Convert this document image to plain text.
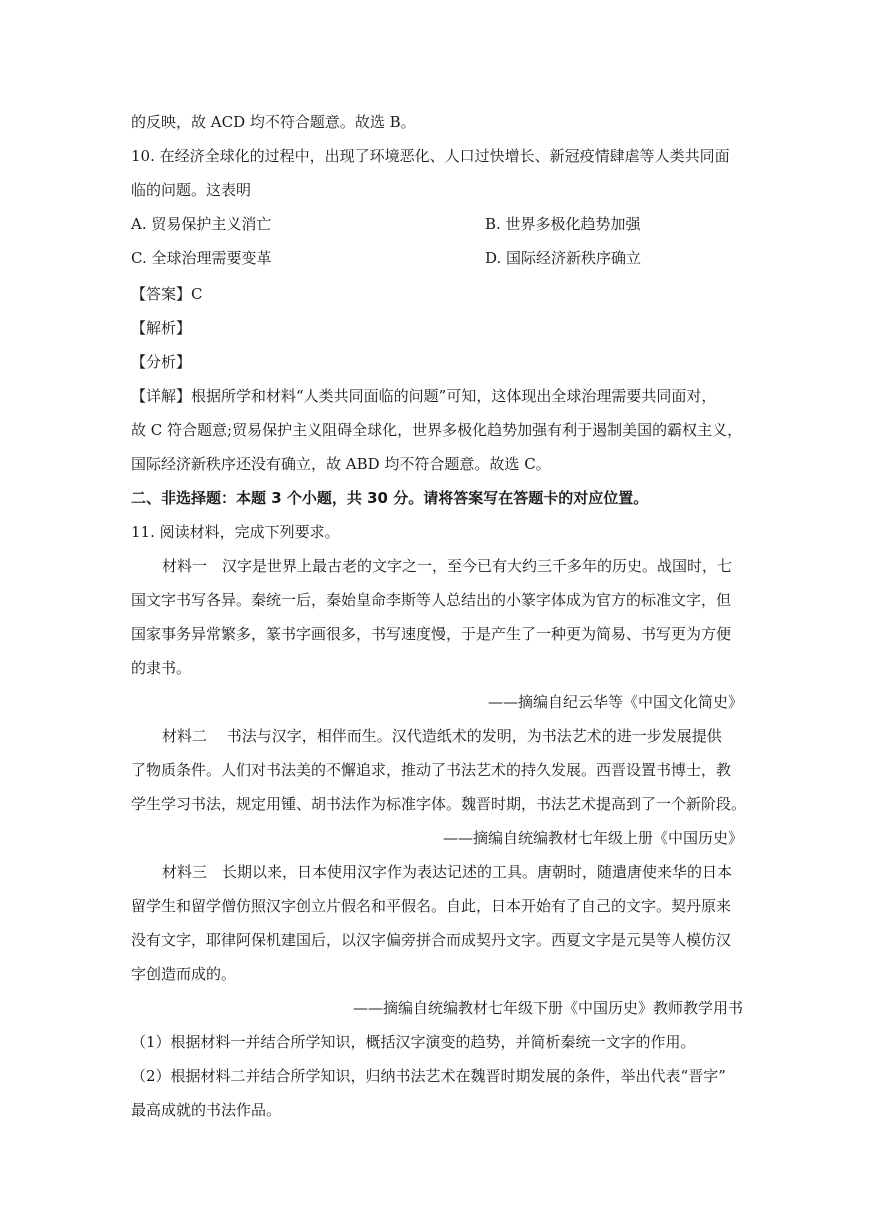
的反映，故 ACD 均不符合题意。故选 B。
10. 在经济全球化的过程中，出现了环境恶化、人口过快增长、新冠疫情肆虐等人类共同面
临的问题。这表明
A. 贸易保护主义消亡	B. 世界多极化趋势加强
C. 全球治理需要变革	D. 国际经济新秩序确立
【答案】C
【解析】
【分析】
【详解】根据所学和材料“人类共同面临的问题”可知，这体现出全球治理需要共同面对，
故 C 符合题意;贸易保护主义阻碍全球化，世界多极化趋势加强有利于遏制美国的霸权主义，
国际经济新秩序还没有确立，故 ABD 均不符合题意。故选 C。
二、非选择题：本题 3 个小题，共 30 分。请将答案写在答题卡的对应位置。
11. 阅读材料，完成下列要求。
材料一　汉字是世界上最古老的文字之一，至今已有大约三千多年的历史。战国时，七
国文字书写各异。秦统一后，秦始皇命李斯等人总结出的小篆字体成为官方的标准文字，但
国家事务异常繁多，篆书字画很多，书写速度慢，于是产生了一种更为简易、书写更为方便
的隶书。
——摘编自纪云华等《中国文化简史》
材料二　 书法与汉字，相伴而生。汉代造纸术的发明，为书法艺术的进一步发展提供
了物质条件。人们对书法美的不懈追求，推动了书法艺术的持久发展。西晋设置书博士，教
学生学习书法，规定用锺、胡书法作为标准字体。魏晋时期，书法艺术提高到了一个新阶段。
——摘编自统编教材七年级上册《中国历史》
材料三　长期以来，日本使用汉字作为表达记述的工具。唐朝时，随遣唐使来华的日本
留学生和留学僧仿照汉字创立片假名和平假名。自此，日本开始有了自己的文字。契丹原来
没有文字，耶律阿保机建国后，以汉字偏旁拼合而成契丹文字。西夏文字是元昊等人模仿汉
字创造而成的。
——摘编自统编教材七年级下册《中国历史》教师教学用书
（1）根据材料一并结合所学知识，概括汉字演变的趋势，并简析秦统一文字的作用。
（2）根据材料二并结合所学知识，归纳书法艺术在魏晋时期发展的条件，举出代表“晋字”
最高成就的书法作品。
